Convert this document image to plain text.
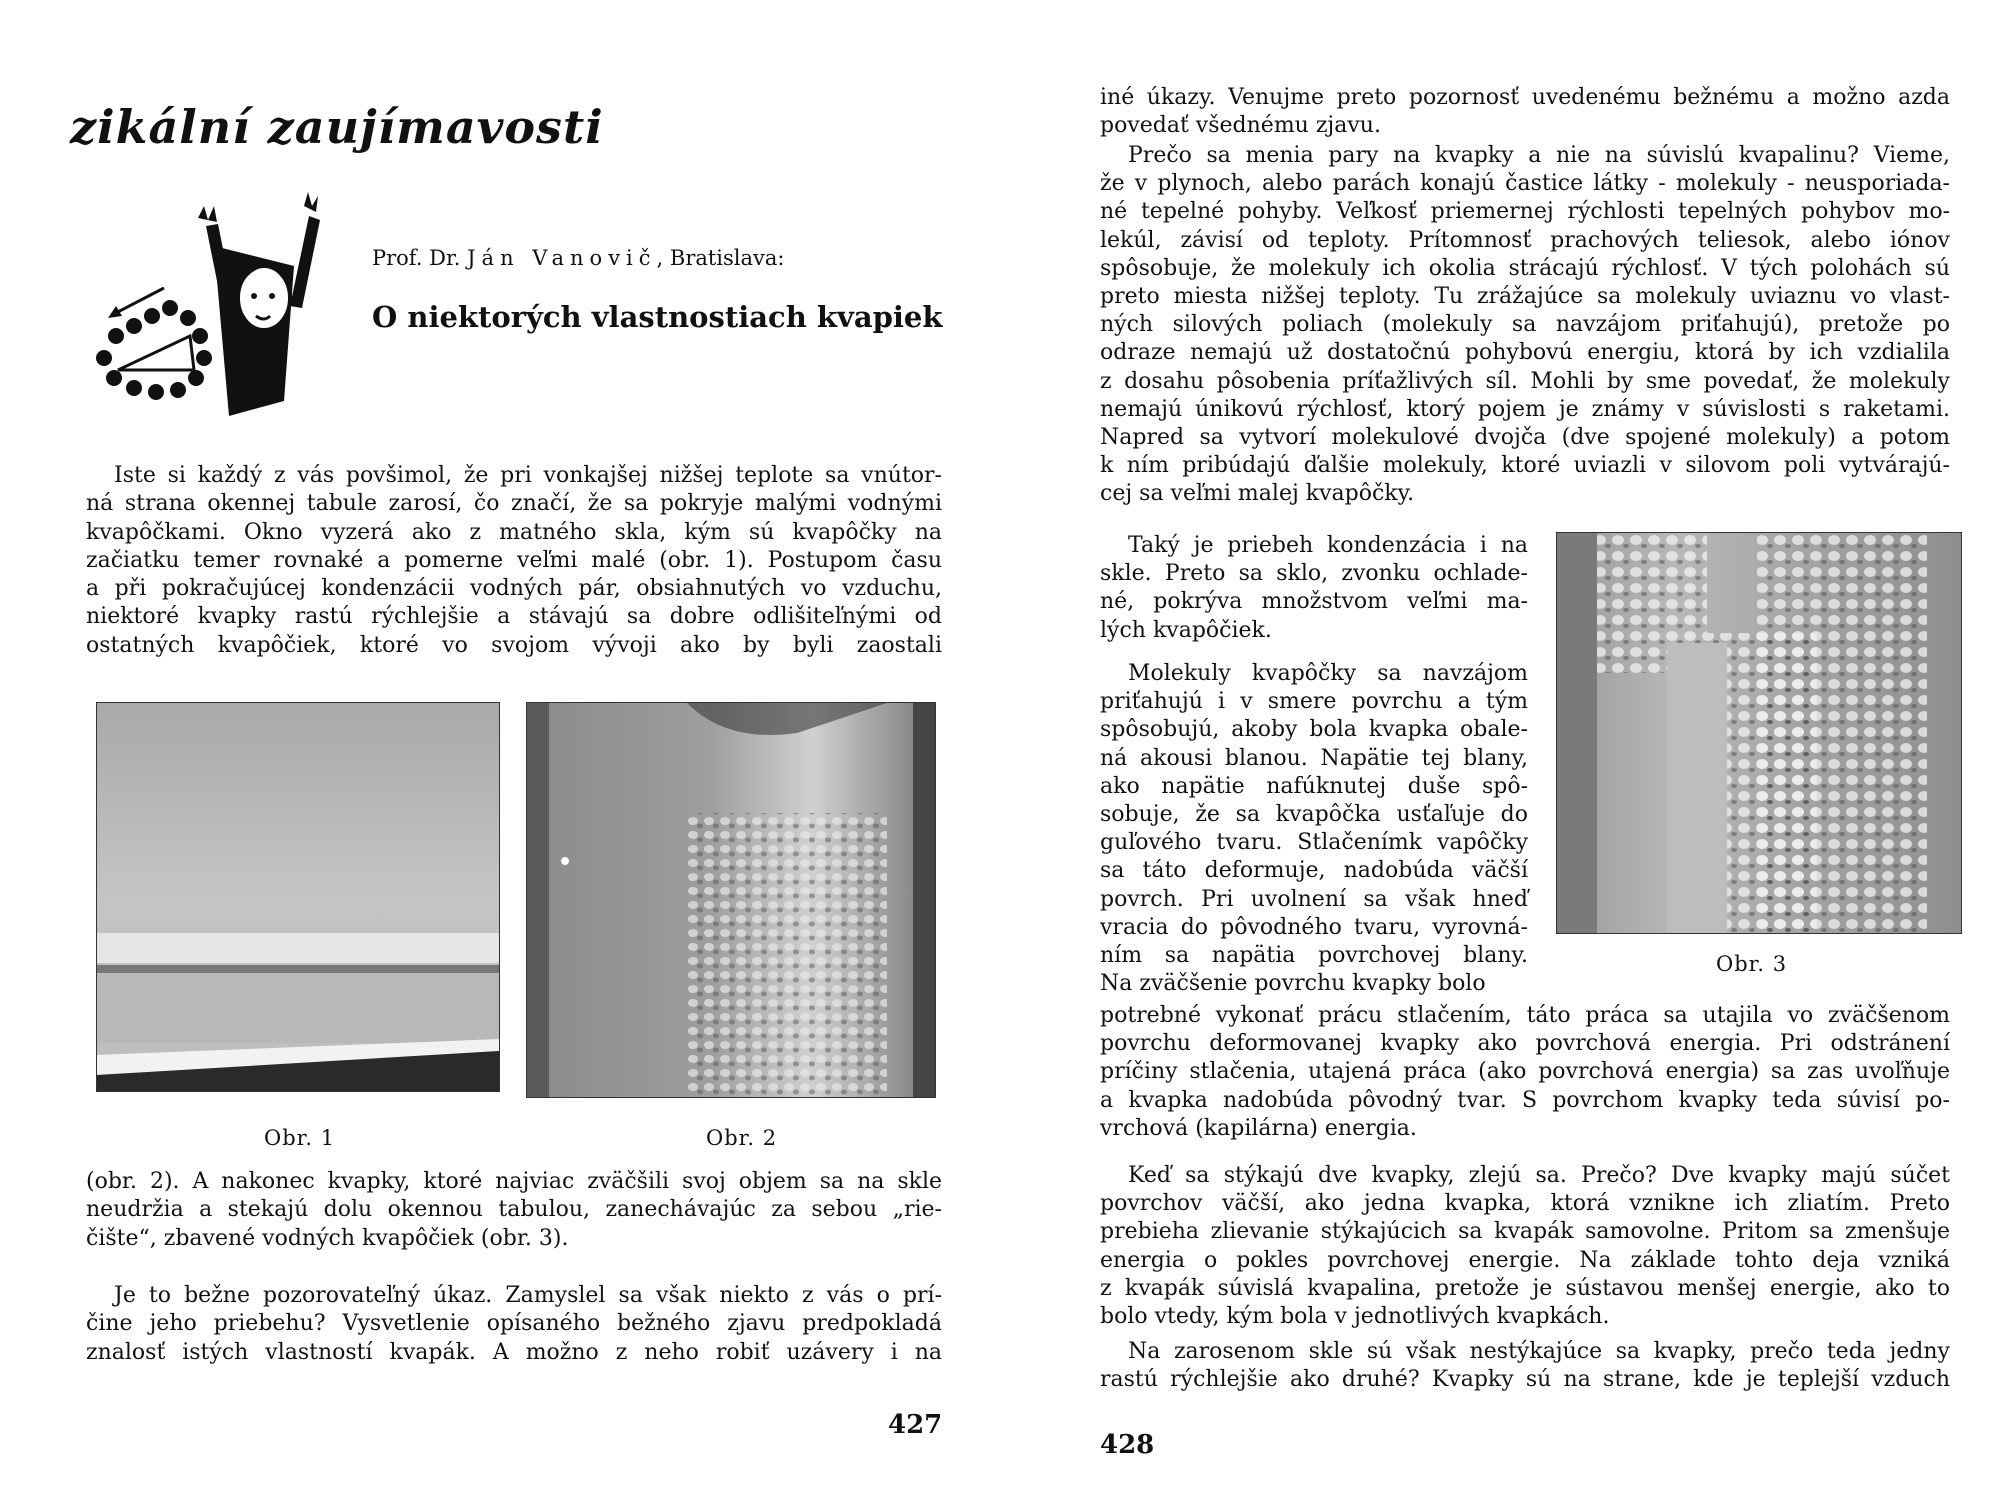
zikální zaujímavosti
Prof. Dr. Ján Vanovič, Bratislava:
O niektorých vlastnostiach kvapiek
Iste si každý z vás povšimol, že pri vonkajšej nižšej teplote sa vnútor-
ná strana okennej tabule zarosí, čo značí, že sa pokryje malými vodnými
kvapôčkami. Okno vyzerá ako z matného skla, kým sú kvapôčky na
začiatku temer rovnaké a pomerne veľmi malé (obr. 1). Postupom času
a při pokračujúcej kondenzácii vodných pár, obsiahnutých vo vzduchu,
niektoré kvapky rastú rýchlejšie a stávajú sa dobre odlišiteľnými od
ostatných kvapôčiek, ktoré vo svojom vývoji ako by byli zaostali
Obr. 1	Obr. 2
(obr. 2). A nakonec kvapky, ktoré najviac zväčšili svoj objem sa na skle
neudržia a stekajú dolu okennou tabulou, zanechávajúc za sebou „rie-
čište“, zbavené vodných kvapôčiek (obr. 3).
Je to bežne pozorovateľný úkaz. Zamyslel sa však niekto z vás o prí-
čine jeho priebehu? Vysvetlenie opísaného bežného zjavu predpokladá
znalosť istých vlastností kvapák. A možno z neho robiť uzávery i na
427
iné úkazy. Venujme preto pozornosť uvedenému bežnému a možno azda
povedať všednému zjavu.
Prečo sa menia pary na kvapky a nie na súvislú kvapalinu? Vieme,
že v plynoch, alebo parách konajú častice látky - molekuly - neusporiada-
né tepelné pohyby. Veľkosť priemernej rýchlosti tepelných pohybov mo-
lekúl, závisí od teploty. Prítomnosť prachových teliesok, alebo iónov
spôsobuje, že molekuly ich okolia strácajú rýchlosť. V tých polohách sú
preto miesta nižšej teploty. Tu zrážajúce sa molekuly uviaznu vo vlast-
ných silových poliach (molekuly sa navzájom priťahujú), pretože po
odraze nemajú už dostatočnú pohybovú energiu, ktorá by ich vzdialila
z dosahu pôsobenia príťažlivých síl. Mohli by sme povedať, že molekuly
nemajú únikovú rýchlosť, ktorý pojem je známy v súvislosti s raketami.
Napred sa vytvorí molekulové dvojča (dve spojené molekuly) a potom
k ním pribúdajú ďalšie molekuly, ktoré uviazli v silovom poli vytvárajú-
cej sa veľmi malej kvapôčky.
Taký je priebeh kondenzácia i na
skle. Preto sa sklo, zvonku ochlade-
né, pokrýva množstvom veľmi ma-
lých kvapôčiek.
Molekuly kvapôčky sa navzájom
priťahujú i v smere povrchu a tým
spôsobujú, akoby bola kvapka obale-
ná akousi blanou. Napätie tej blany,
ako napätie nafúknutej duše spô-
sobuje, že sa kvapôčka usťaľuje do
guľového tvaru. Stlačenímk vapôčky
sa táto deformuje, nadobúda väčší
povrch. Pri uvolnení sa však hneď
vracia do pôvodného tvaru, vyrovná-
ním sa napätia povrchovej blany.
Na zväčšenie povrchu kvapky bolo
Obr. 3
potrebné vykonať prácu stlačením, táto práca sa utajila vo zväčšenom
povrchu deformovanej kvapky ako povrchová energia. Pri odstránení
príčiny stlačenia, utajená práca (ako povrchová energia) sa zas uvoľňuje
a kvapka nadobúda pôvodný tvar. S povrchom kvapky teda súvisí po-
vrchová (kapilárna) energia.
Keď sa stýkajú dve kvapky, zlejú sa. Prečo? Dve kvapky majú súčet
povrchov väčší, ako jedna kvapka, ktorá vznikne ich zliatím. Preto
prebieha zlievanie stýkajúcich sa kvapák samovolne. Pritom sa zmenšuje
energia o pokles povrchovej energie. Na základe tohto deja vzniká
z kvapák súvislá kvapalina, pretože je sústavou menšej energie, ako to
bolo vtedy, kým bola v jednotlivých kvapkách.
Na zarosenom skle sú však nestýkajúce sa kvapky, prečo teda jedny
rastú rýchlejšie ako druhé? Kvapky sú na strane, kde je teplejší vzduch
428
